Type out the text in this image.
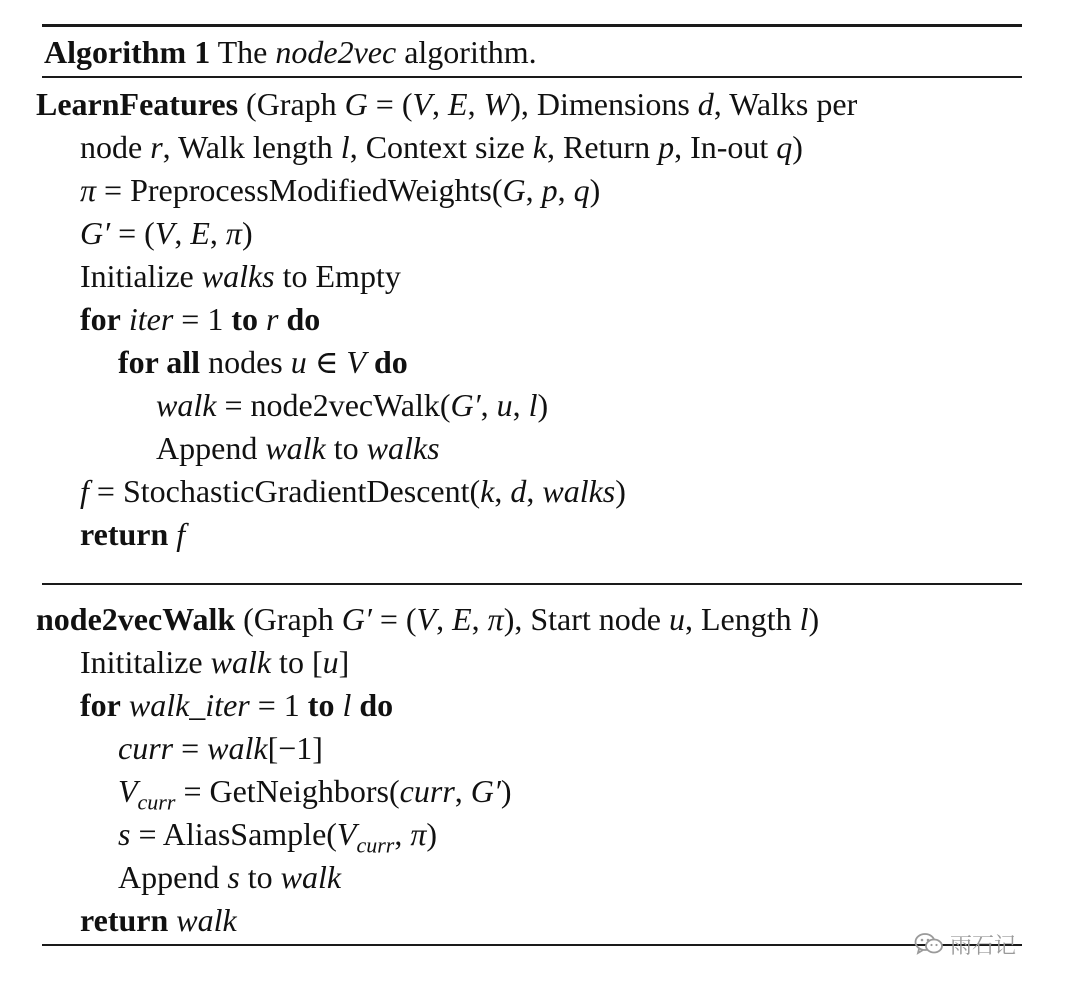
Algorithm 1 The node2vec algorithm.
LearnFeatures (Graph G = (V, E, W), Dimensions d, Walks per
node r, Walk length l, Context size k, Return p, In-out q)
π = PreprocessModifiedWeights(G, p, q)
G′ = (V, E, π)
Initialize walks to Empty
for iter = 1 to r do
for all nodes u ∈ V do
walk = node2vecWalk(G′, u, l)
Append walk to walks
f = StochasticGradientDescent(k, d, walks)
return f
node2vecWalk (Graph G′ = (V, E, π), Start node u, Length l)
Inititalize walk to [u]
for walk_iter = 1 to l do
curr = walk[−1]
$V_{curr}$ = GetNeighbors(curr, G′)
$s = AliasSample(V_{curr}$, π)
Append s to walk
return walk
雨石记
